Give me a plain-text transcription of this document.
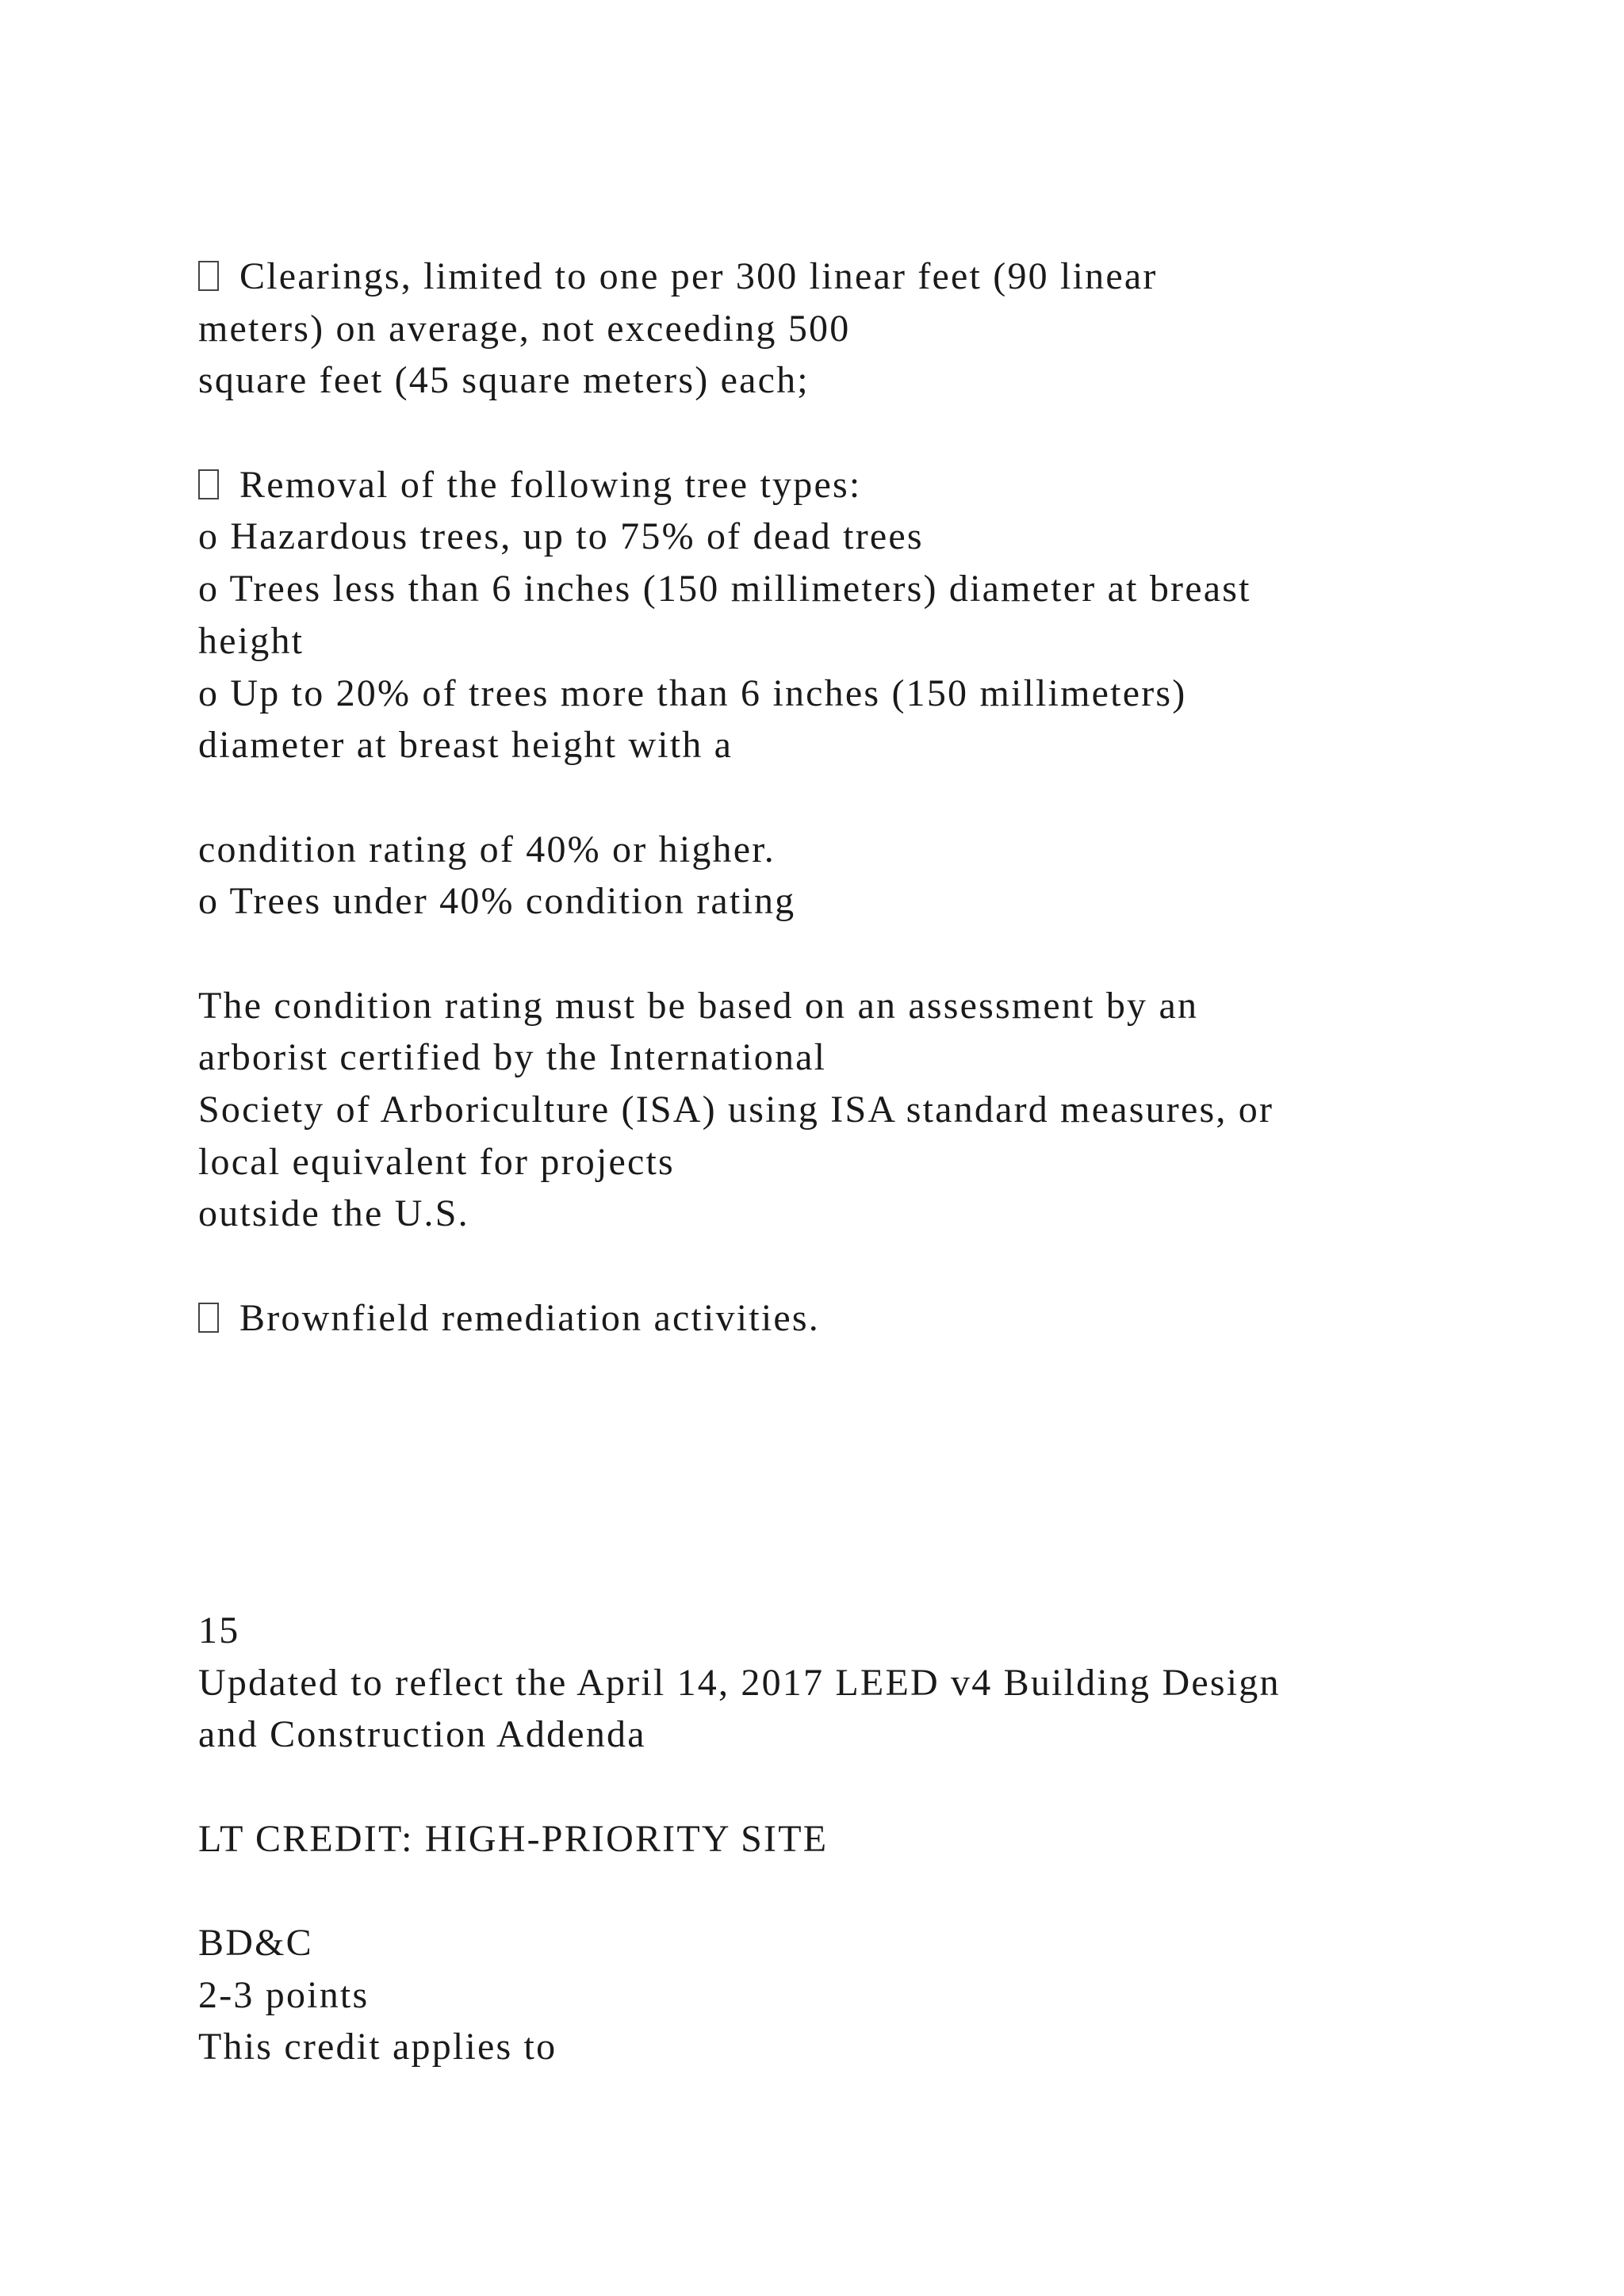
Clearings, limited to one per 300 linear feet (90 linear
meters) on average, not exceeding 500
square feet (45 square meters) each;
Removal of the following tree types:
o Hazardous trees, up to 75% of dead trees
o Trees less than 6 inches (150 millimeters) diameter at breast
height
o Up to 20% of trees more than 6 inches (150 millimeters)
diameter at breast height with a
condition rating of 40% or higher.
o Trees under 40% condition rating
The condition rating must be based on an assessment by an
arborist certified by the International
Society of Arboriculture (ISA) using ISA standard measures, or
local equivalent for projects
outside the U.S.
Brownfield remediation activities.
15
Updated to reflect the April 14, 2017 LEED v4 Building Design
and Construction Addenda
LT CREDIT: HIGH-PRIORITY SITE
BD&C
2-3 points
This credit applies to
